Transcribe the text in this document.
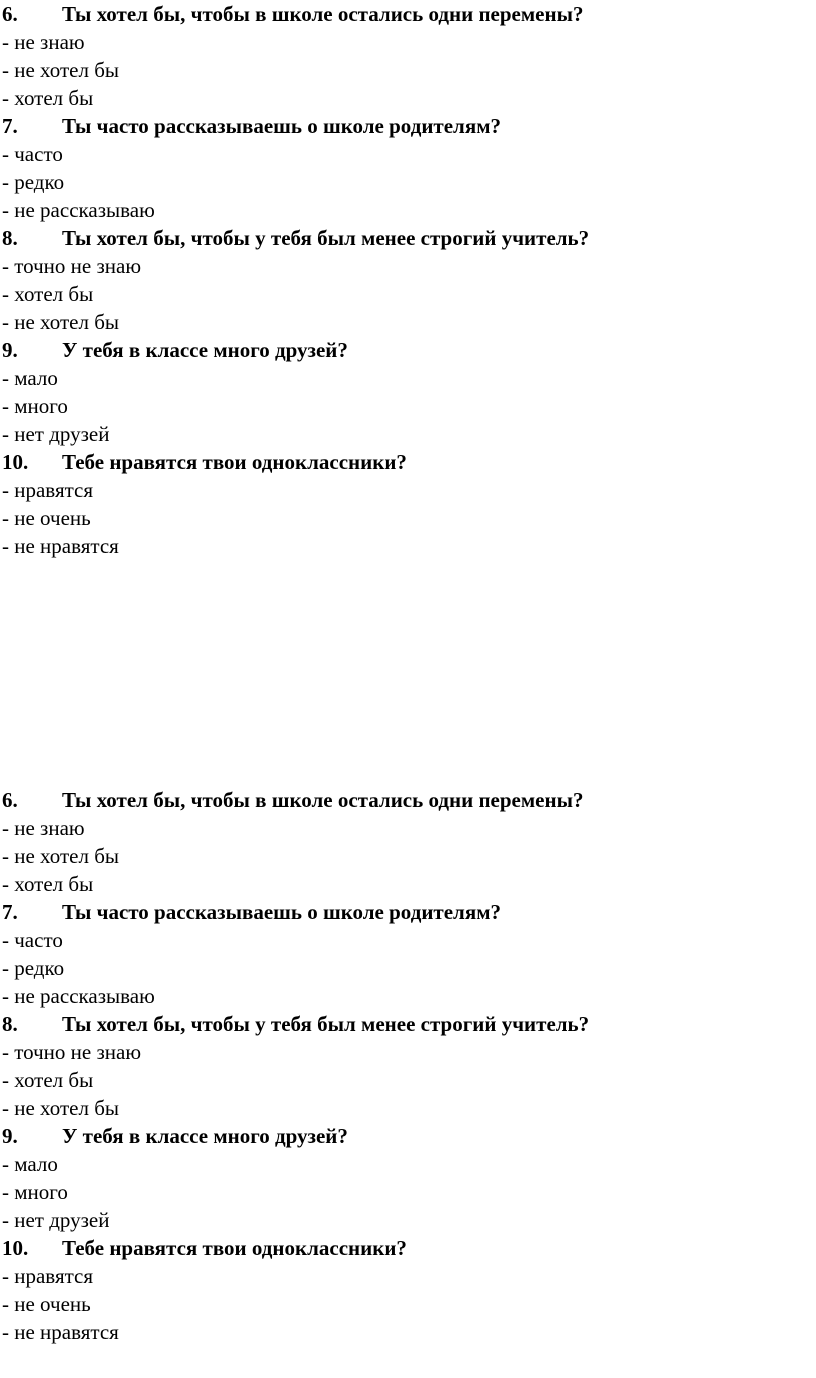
6. Ты хотел бы, чтобы в школе остались одни перемены?
- не знаю
- не хотел бы
- хотел бы
7. Ты часто рассказываешь о школе родителям?
- часто
- редко
- не рассказываю
8. Ты хотел бы, чтобы у тебя был менее строгий учитель?
- точно не знаю
- хотел бы
- не хотел бы
9. У тебя в классе много друзей?
- мало
- много
- нет друзей
10. Тебе нравятся твои одноклассники?
- нравятся
- не очень
- не нравятся
6. Ты хотел бы, чтобы в школе остались одни перемены?
- не знаю
- не хотел бы
- хотел бы
7. Ты часто рассказываешь о школе родителям?
- часто
- редко
- не рассказываю
8. Ты хотел бы, чтобы у тебя был менее строгий учитель?
- точно не знаю
- хотел бы
- не хотел бы
9. У тебя в классе много друзей?
- мало
- много
- нет друзей
10. Тебе нравятся твои одноклассники?
- нравятся
- не очень
- не нравятся
